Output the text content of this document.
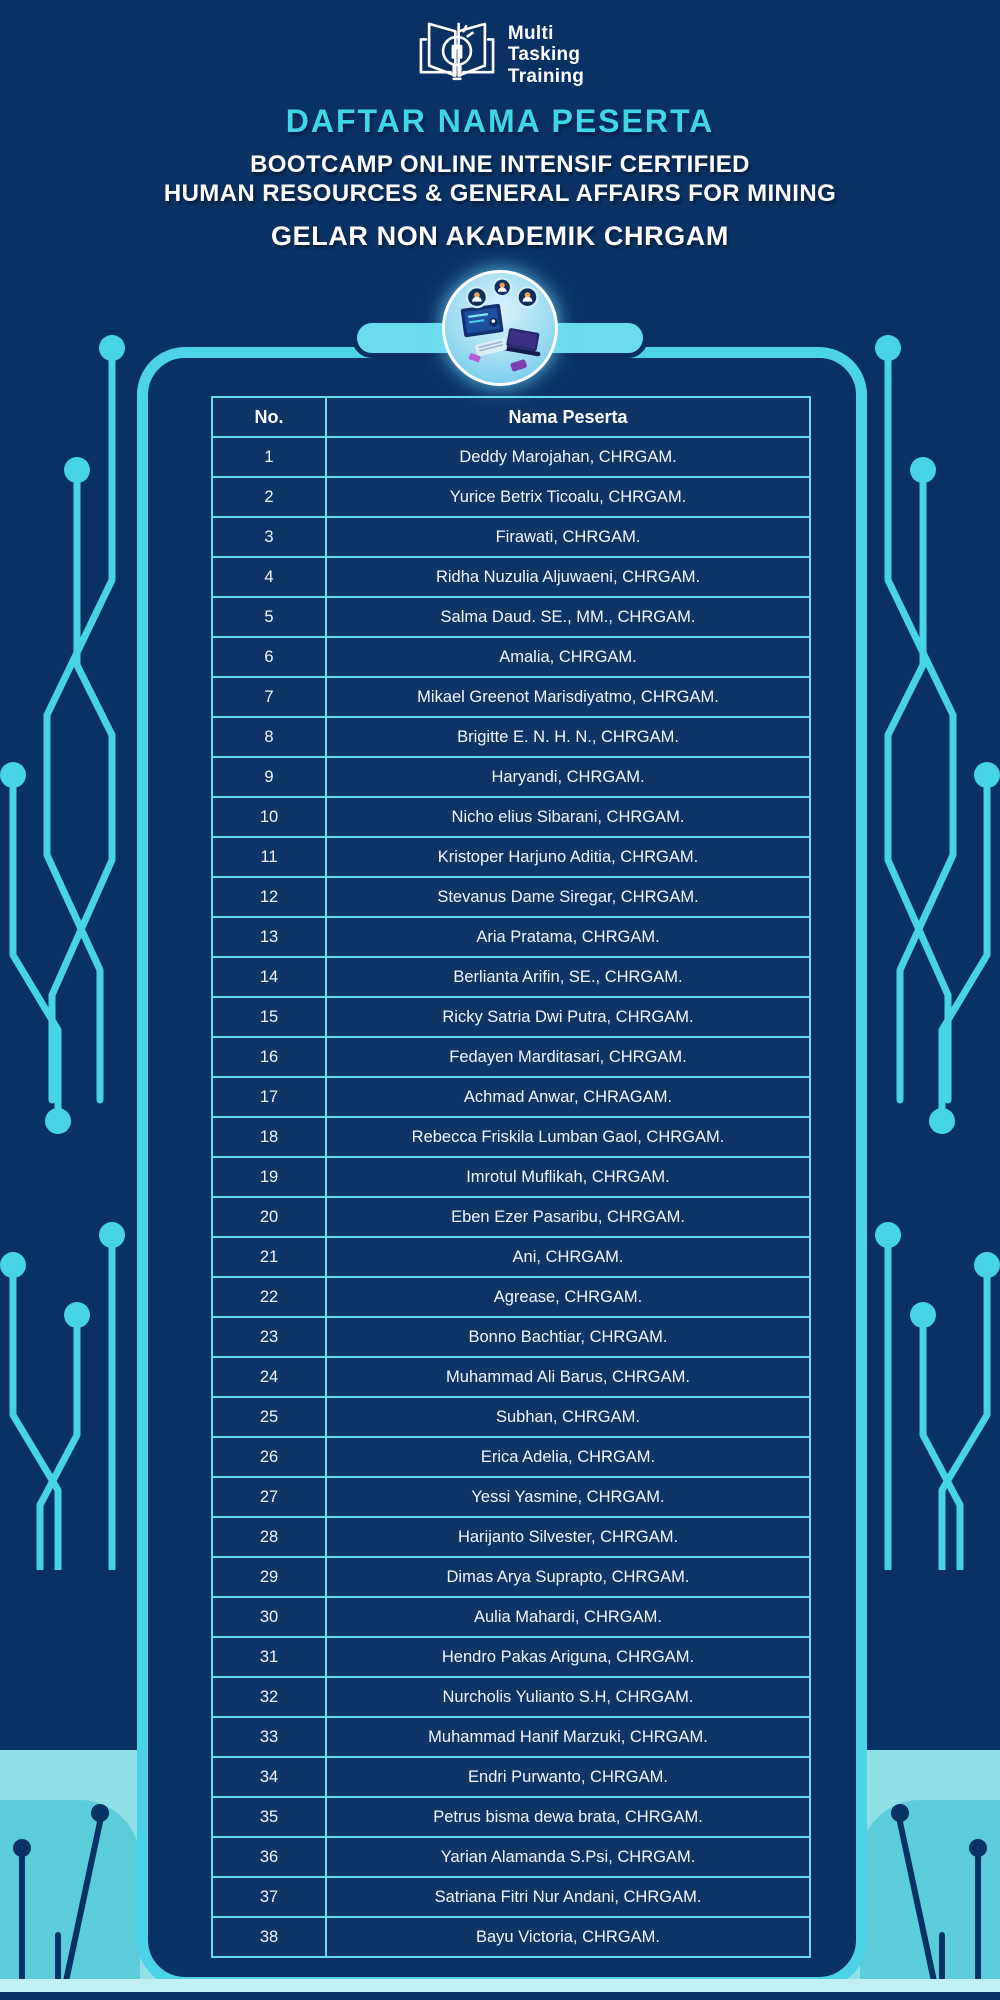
Multi
Tasking
Training
DAFTAR NAMA PESERTA
BOOTCAMP ONLINE INTENSIF CERTIFIED
HUMAN RESOURCES & GENERAL AFFAIRS FOR MINING
GELAR NON AKADEMIK CHRGAM
No.	Nama Peserta
1	Deddy Marojahan, CHRGAM.
2	Yurice Betrix Ticoalu, CHRGAM.
3	Firawati, CHRGAM.
4	Ridha Nuzulia Aljuwaeni, CHRGAM.
5	Salma Daud. SE., MM., CHRGAM.
6	Amalia, CHRGAM.
7	Mikael Greenot Marisdiyatmo, CHRGAM.
8	Brigitte E. N. H. N., CHRGAM.
9	Haryandi, CHRGAM.
10	Nicho elius Sibarani, CHRGAM.
11	Kristoper Harjuno Aditia, CHRGAM.
12	Stevanus Dame Siregar, CHRGAM.
13	Aria Pratama, CHRGAM.
14	Berlianta Arifin, SE., CHRGAM.
15	Ricky Satria Dwi Putra, CHRGAM.
16	Fedayen Marditasari, CHRGAM.
17	Achmad Anwar, CHRAGAM.
18	Rebecca Friskila Lumban Gaol, CHRGAM.
19	Imrotul Muflikah, CHRGAM.
20	Eben Ezer Pasaribu, CHRGAM.
21	Ani, CHRGAM.
22	Agrease, CHRGAM.
23	Bonno Bachtiar, CHRGAM.
24	Muhammad Ali Barus, CHRGAM.
25	Subhan, CHRGAM.
26	Erica Adelia, CHRGAM.
27	Yessi Yasmine, CHRGAM.
28	Harijanto Silvester, CHRGAM.
29	Dimas Arya Suprapto, CHRGAM.
30	Aulia Mahardi, CHRGAM.
31	Hendro Pakas Ariguna, CHRGAM.
32	Nurcholis Yulianto S.H, CHRGAM.
33	Muhammad Hanif Marzuki, CHRGAM.
34	Endri Purwanto, CHRGAM.
35	Petrus bisma dewa brata, CHRGAM.
36	Yarian Alamanda S.Psi, CHRGAM.
37	Satriana Fitri Nur Andani, CHRGAM.
38	Bayu Victoria, CHRGAM.
